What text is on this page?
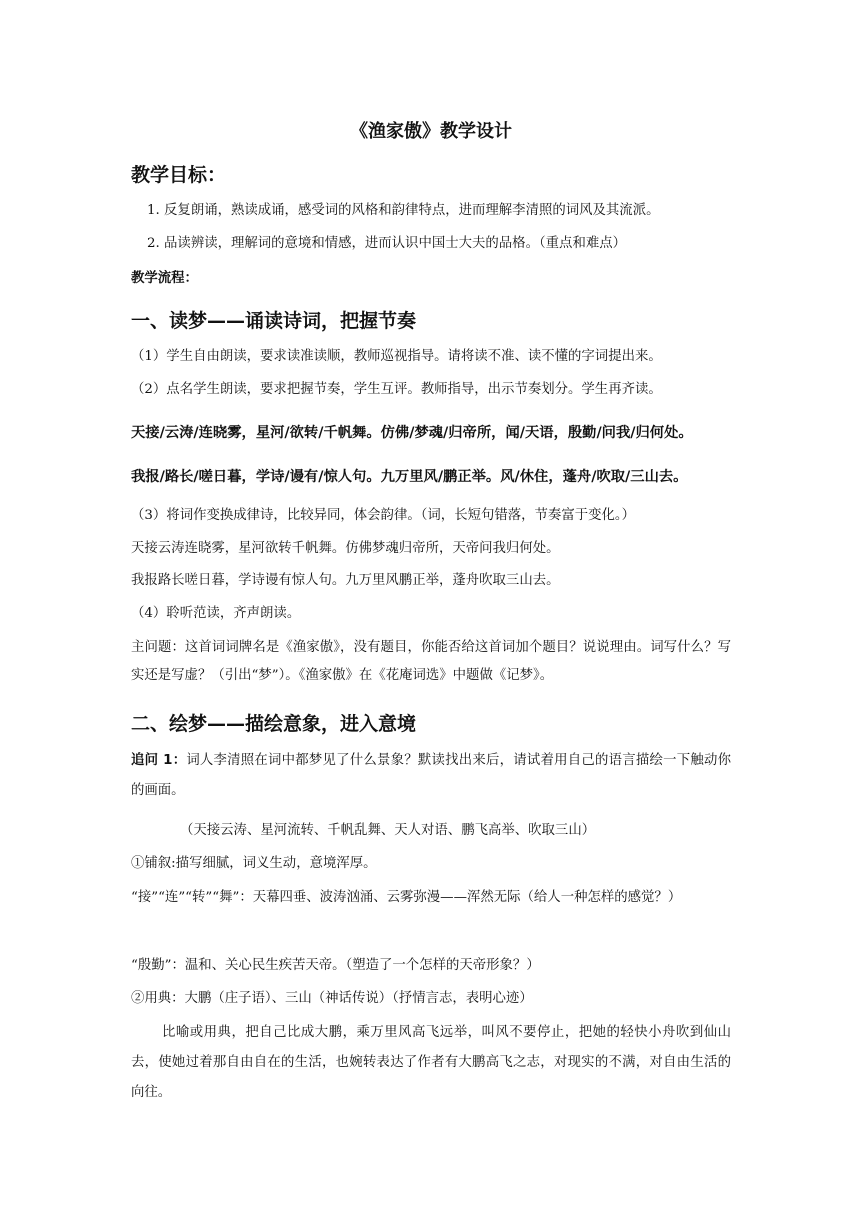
《渔家傲》教学设计
教学目标：
1. 反复朗诵，熟读成诵，感受词的风格和韵律特点，进而理解李清照的词风及其流派。
2. 品读辨读，理解词的意境和情感，进而认识中国士大夫的品格。（重点和难点）
教学流程：
一、读梦——诵读诗词，把握节奏
（1）学生自由朗读，要求读准读顺，教师巡视指导。请将读不准、读不懂的字词提出来。
（2）点名学生朗读，要求把握节奏，学生互评。教师指导，出示节奏划分。学生再齐读。
天接/云涛/连晓雾，星河/欲转/千帆舞。仿佛/梦魂/归帝所，闻/天语，殷勤/问我/归何处。
我报/路长/嗟日暮，学诗/谩有/惊人句。九万里风/鹏正举。风/休住，蓬舟/吹取/三山去。
（3）将词作变换成律诗，比较异同，体会韵律。（词，长短句错落，节奏富于变化。）
天接云涛连晓雾，星河欲转千帆舞。仿佛梦魂归帝所，天帝问我归何处。
我报路长嗟日暮，学诗谩有惊人句。九万里风鹏正举，蓬舟吹取三山去。
（4）聆听范读，齐声朗读。
主问题：这首词词牌名是《渔家傲》，没有题目，你能否给这首词加个题目？说说理由。词写什么？写实还是写虚？（引出“梦”）。《渔家傲》在《花庵词选》中题做《记梦》。
二、绘梦——描绘意象，进入意境
追问 1：词人李清照在词中都梦见了什么景象？默读找出来后，请试着用自己的语言描绘一下触动你的画面。
（天接云涛、星河流转、千帆乱舞、天人对语、鹏飞高举、吹取三山）
①铺叙:描写细腻，词义生动，意境浑厚。
“接”“连”“转”“舞”：天幕四垂、波涛汹涌、云雾弥漫——浑然无际（给人一种怎样的感觉？）
“殷勤”：温和、关心民生疾苦天帝。（塑造了一个怎样的天帝形象？）
②用典：大鹏（庄子语）、三山（神话传说）（抒情言志，表明心迹）
比喻或用典，把自己比成大鹏，乘万里风高飞远举，叫风不要停止，把她的轻快小舟吹到仙山去，使她过着那自由自在的生活，也婉转表达了作者有大鹏高飞之志，对现实的不满，对自由生活的向往。
